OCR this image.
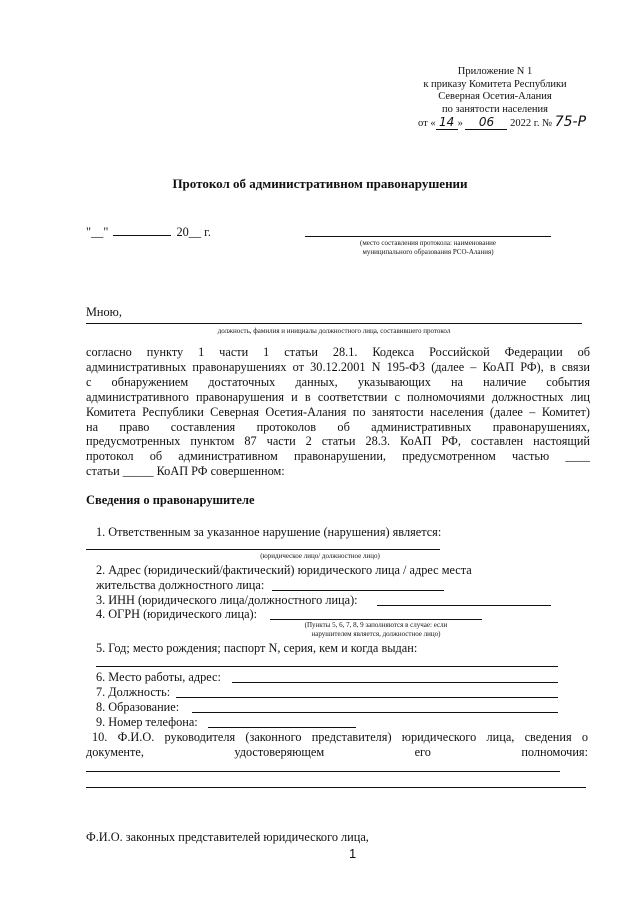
Приложение N 1
к приказу Комитета Республики
Северная Осетия-Алания
по занятости населения
от « 14 » 06 2022 г. № 75-Р
Протокол об административном правонарушении
"__"	20__ г.
(место составления протокола: наименование
муниципального образования РСО-Алания)
Мною,
должность, фамилия и инициалы должностного лица, составившего протокол
согласно пункту 1 части 1 статьи 28.1. Кодекса Российской Федерации об
административных правонарушениях от 30.12.2001 N 195-ФЗ (далее – КоАП РФ), в связи
с обнаружением достаточных данных, указывающих на наличие события
административного правонарушения и в соответствии с полномочиями должностных лиц
Комитета Республики Северная Осетия-Алания по занятости населения (далее – Комитет)
на право составления протоколов об административных правонарушениях,
предусмотренных пунктом 87 части 2 статьи 28.3. КоАП РФ, составлен настоящий
протокол об административном правонарушении, предусмотренном частью ____
статьи _____ КоАП РФ совершенном:
Сведения о правонарушителе
1. Ответственным за указанное нарушение (нарушения) является:
(юридическое лицо/ должностное лицо)
2. Адрес (юридический/фактический) юридического лица / адрес места
жительства должностного лица:
3. ИНН (юридического лица/должностного лица):
4. ОГРН (юридического лица):
(Пункты 5, 6, 7, 8, 9 заполняются в случае: если
нарушителем является, должностное лицо)
5. Год; место рождения; паспорт N, серия, кем и когда выдан:
6. Место работы, адрес:
7. Должность:
8. Образование:
9. Номер телефона:
10. Ф.И.О. руководителя (законного представителя) юридического лица, сведения о
документе, удостоверяющем его полномочия:
Ф.И.О. законных представителей юридического лица,
1
